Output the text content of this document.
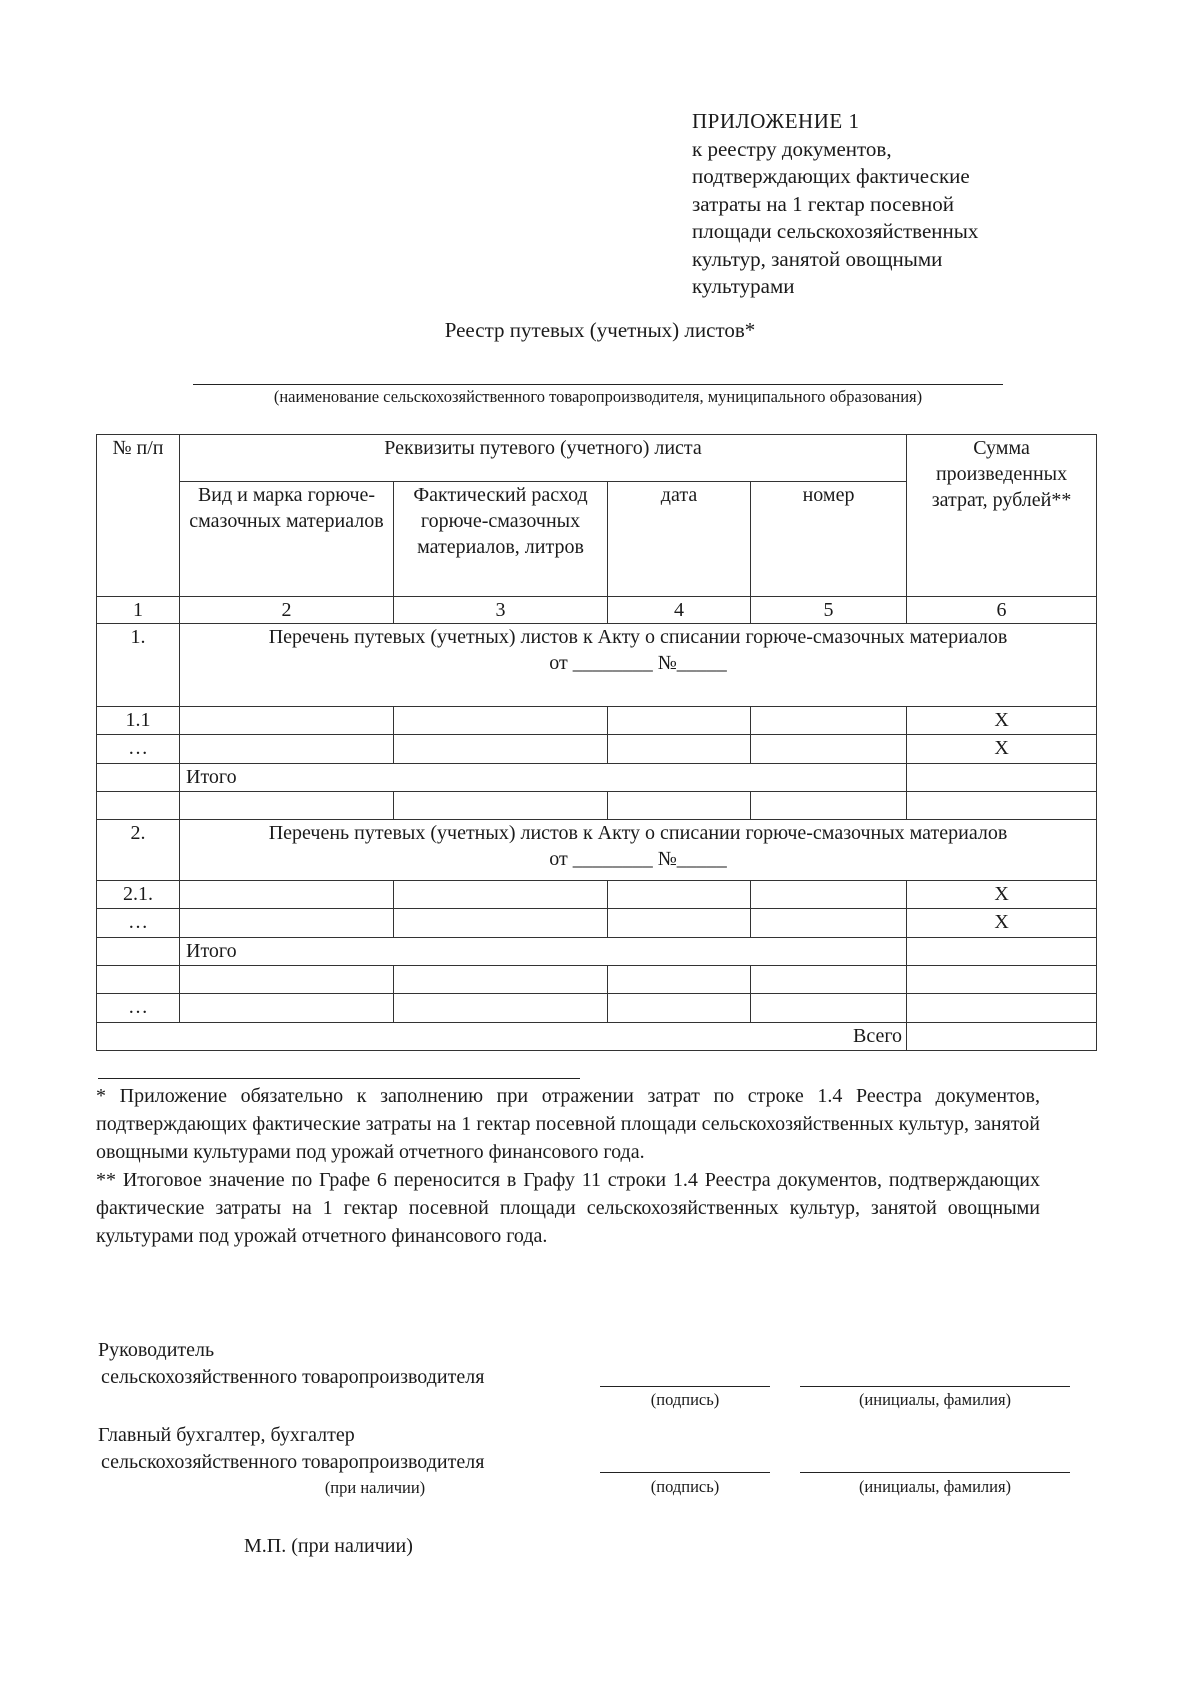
ПРИЛОЖЕНИЕ 1
к реестру документов,
подтверждающих фактические
затраты на 1 гектар посевной
площади сельскохозяйственных
культур, занятой овощными
культурами
Реестр путевых (учетных) листов*
(наименование сельскохозяйственного товаропроизводителя, муниципального образования)
№ п/п	Реквизиты путевого (учетного) листа				Сумма произведенных затрат, рублей**
	Вид и марка горюче-смазочных материалов	Фактический расход горюче-смазочных материалов, литров	дата	номер	
1	2	3	4	5	6
1.	Перечень путевых (учетных) листов к Акту о списании горюче-смазочных материалов
от ________ №_____				

1.1					Х
…					Х
	Итого				

2.	Перечень путевых (учетных) листов к Акту о списании горюче-смазочных материалов
от ________ №_____				

2.1.					Х
…					Х
	Итого				

…					
Всего					

* Приложение обязательно к заполнению при отражении затрат по строке 1.4 Реестра документов, подтверждающих фактические затраты на 1 гектар посевной площади сельскохозяйственных культур, занятой овощными культурами под урожай отчетного финансового года.

** Итоговое значение по Графе 6 переносится в Графу 11 строки 1.4 Реестра документов, подтверждающих фактические затраты на 1 гектар посевной площади сельскохозяйственных культур, занятой овощными культурами под урожай отчетного финансового года.

Руководитель
сельскохозяйственного товаропроизводителя
(подпись)	(инициалы, фамилия)
Главный бухгалтер, бухгалтер
сельскохозяйственного товаропроизводителя
(при наличии)	(подпись)	(инициалы, фамилия)
М.П. (при наличии)
